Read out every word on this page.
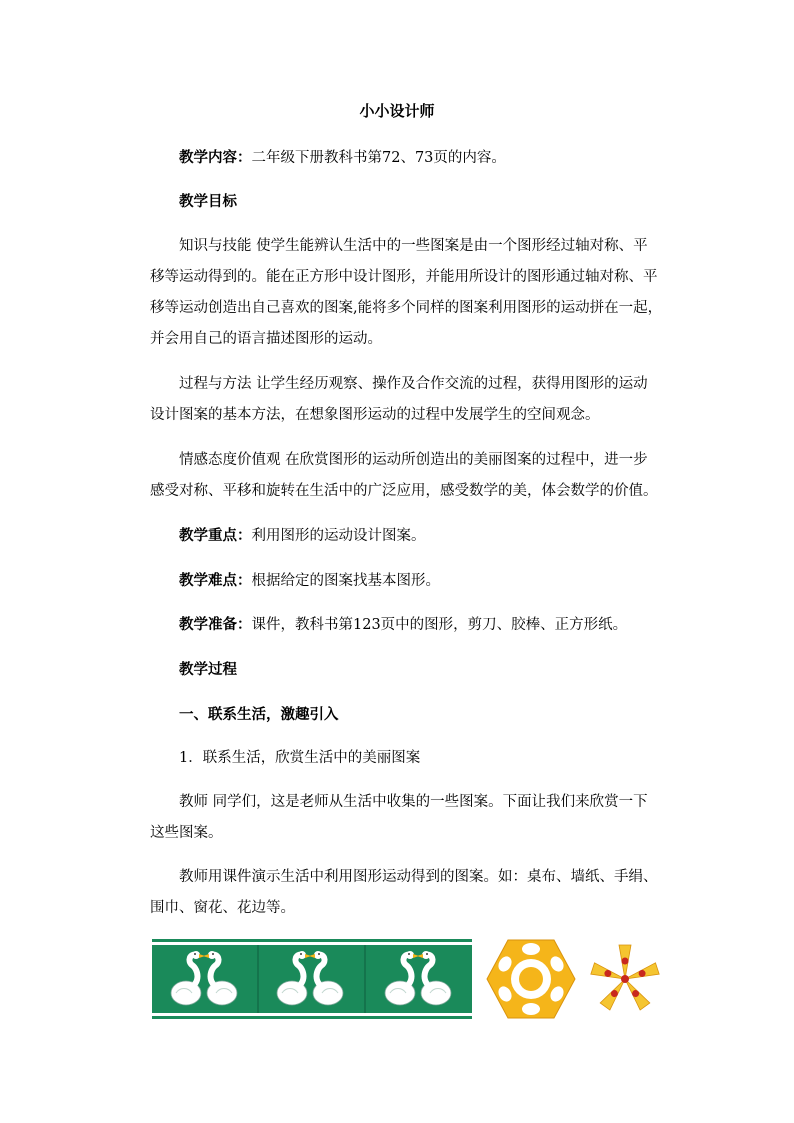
小小设计师

教学内容：二年级下册教科书第72、73页的内容。

教学目标

知识与技能 使学生能辨认生活中的一些图案是由一个图形经过轴对称、平
移等运动得到的。能在正方形中设计图形，并能用所设计的图形通过轴对称、平
移等运动创造出自己喜欢的图案,能将多个同样的图案利用图形的运动拼在一起，
并会用自己的语言描述图形的运动。

过程与方法 让学生经历观察、操作及合作交流的过程，获得用图形的运动
设计图案的基本方法，在想象图形运动的过程中发展学生的空间观念。

情感态度价值观 在欣赏图形的运动所创造出的美丽图案的过程中，进一步
感受对称、平移和旋转在生活中的广泛应用，感受数学的美，体会数学的价值。

教学重点：利用图形的运动设计图案。

教学难点：根据给定的图案找基本图形。

教学准备：课件，教科书第123页中的图形，剪刀、胶棒、正方形纸。

教学过程

一、联系生活，激趣引入

1．联系生活，欣赏生活中的美丽图案

教师 同学们，这是老师从生活中收集的一些图案。下面让我们来欣赏一下
这些图案。

教师用课件演示生活中利用图形运动得到的图案。如：桌布、墙纸、手绢、
围巾、窗花、花边等。
